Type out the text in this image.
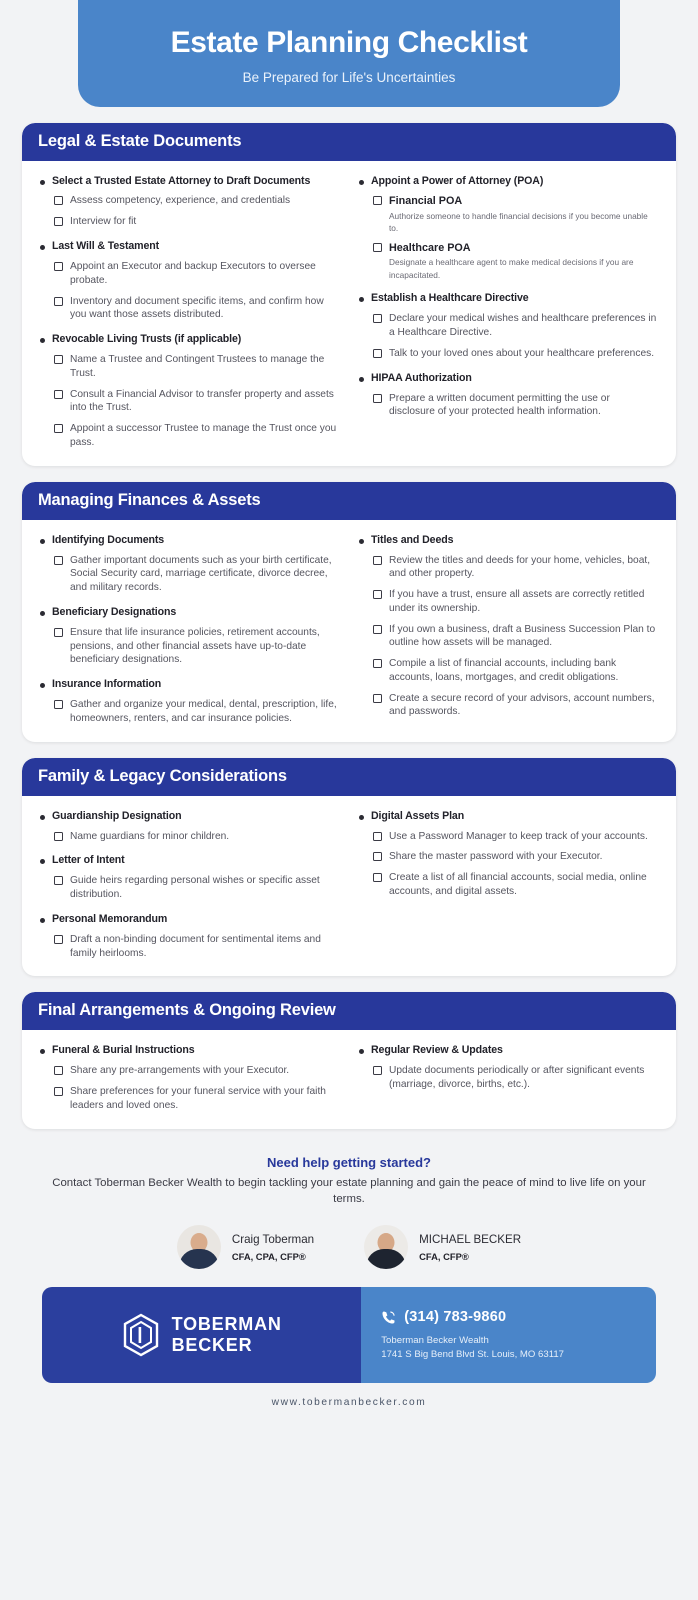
Estate Planning Checklist
Be Prepared for Life's Uncertainties
Legal & Estate Documents
Select a Trusted Estate Attorney to Draft Documents
Assess competency, experience, and credentials
Interview for fit
Last Will & Testament
Appoint an Executor and backup Executors to oversee probate.
Inventory and document specific items, and confirm how you want those assets distributed.
Revocable Living Trusts (if applicable)
Name a Trustee and Contingent Trustees to manage the Trust.
Consult a Financial Advisor to transfer property and assets into the Trust.
Appoint a successor Trustee to manage the Trust once you pass.
Appoint a Power of Attorney (POA)
Financial POA
Authorize someone to handle financial decisions if you become unable to.
Healthcare POA
Designate a healthcare agent to make medical decisions if you are incapacitated.
Establish a Healthcare Directive
Declare your medical wishes and healthcare preferences in a Healthcare Directive.
Talk to your loved ones about your healthcare preferences.
HIPAA Authorization
Prepare a written document permitting the use or disclosure of your protected health information.
Managing Finances & Assets
Identifying Documents
Gather important documents such as your birth certificate, Social Security card, marriage certificate, divorce decree, and military records.
Beneficiary Designations
Ensure that life insurance policies, retirement accounts, pensions, and other financial assets have up-to-date beneficiary designations.
Insurance Information
Gather and organize your medical, dental, prescription, life, homeowners, renters, and car insurance policies.
Titles and Deeds
Review the titles and deeds for your home, vehicles, boat, and other property.
If you have a trust, ensure all assets are correctly retitled under its ownership.
If you own a business, draft a Business Succession Plan to outline how assets will be managed.
Compile a list of financial accounts, including bank accounts, loans, mortgages, and credit obligations.
Create a secure record of your advisors, account numbers, and passwords.
Family & Legacy Considerations
Guardianship Designation
Name guardians for minor children.
Letter of Intent
Guide heirs regarding personal wishes or specific asset distribution.
Personal Memorandum
Draft a non-binding document for sentimental items and family heirlooms.
Digital Assets Plan
Use a Password Manager to keep track of your accounts.
Share the master password with your Executor.
Create a list of all financial accounts, social media, online accounts, and digital assets.
Final Arrangements & Ongoing Review
Funeral & Burial Instructions
Share any pre-arrangements with your Executor.
Share preferences for your funeral service with your faith leaders and loved ones.
Regular Review & Updates
Update documents periodically or after significant events (marriage, divorce, births, etc.).
Need help getting started?
Contact Toberman Becker Wealth to begin tackling your estate planning and gain the peace of mind to live life on your terms.
Craig Toberman
CFA, CPA, CFP®
MICHAEL BECKER
CFA, CFP®
TOBERMAN
BECKER
(314) 783-9860
Toberman Becker Wealth
1741 S Big Bend Blvd St. Louis, MO 63117
www.tobermanbecker.com
